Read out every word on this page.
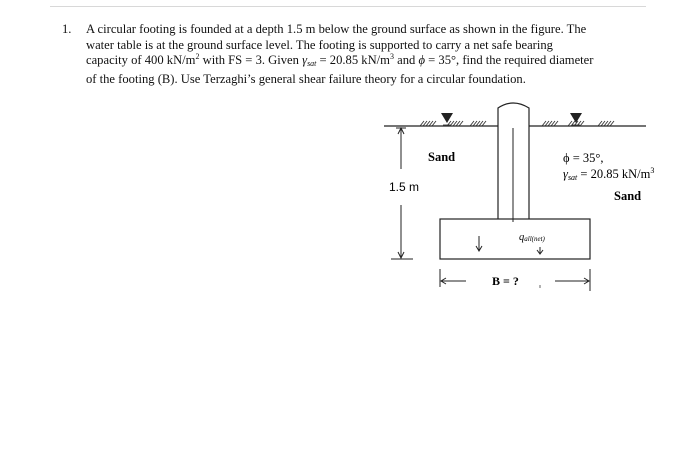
1. A circular footing is founded at a depth 1.5 m below the ground surface as shown in the figure. The
water table is at the ground surface level. The footing is supported to carry a net safe bearing
capacity of 400 $kN/m^2$ with FS = 3. Given γsat = 20.85 $kN/m^3$ and ϕ = 35°, find the required diameter
of the footing (B). Use Terzaghi’s general shear failure theory for a circular foundation.
Sand
1.5 m
ϕ = 35°,
γsat = 20.85 $kN/m^3$
Sand
qall(net)
B = ?
